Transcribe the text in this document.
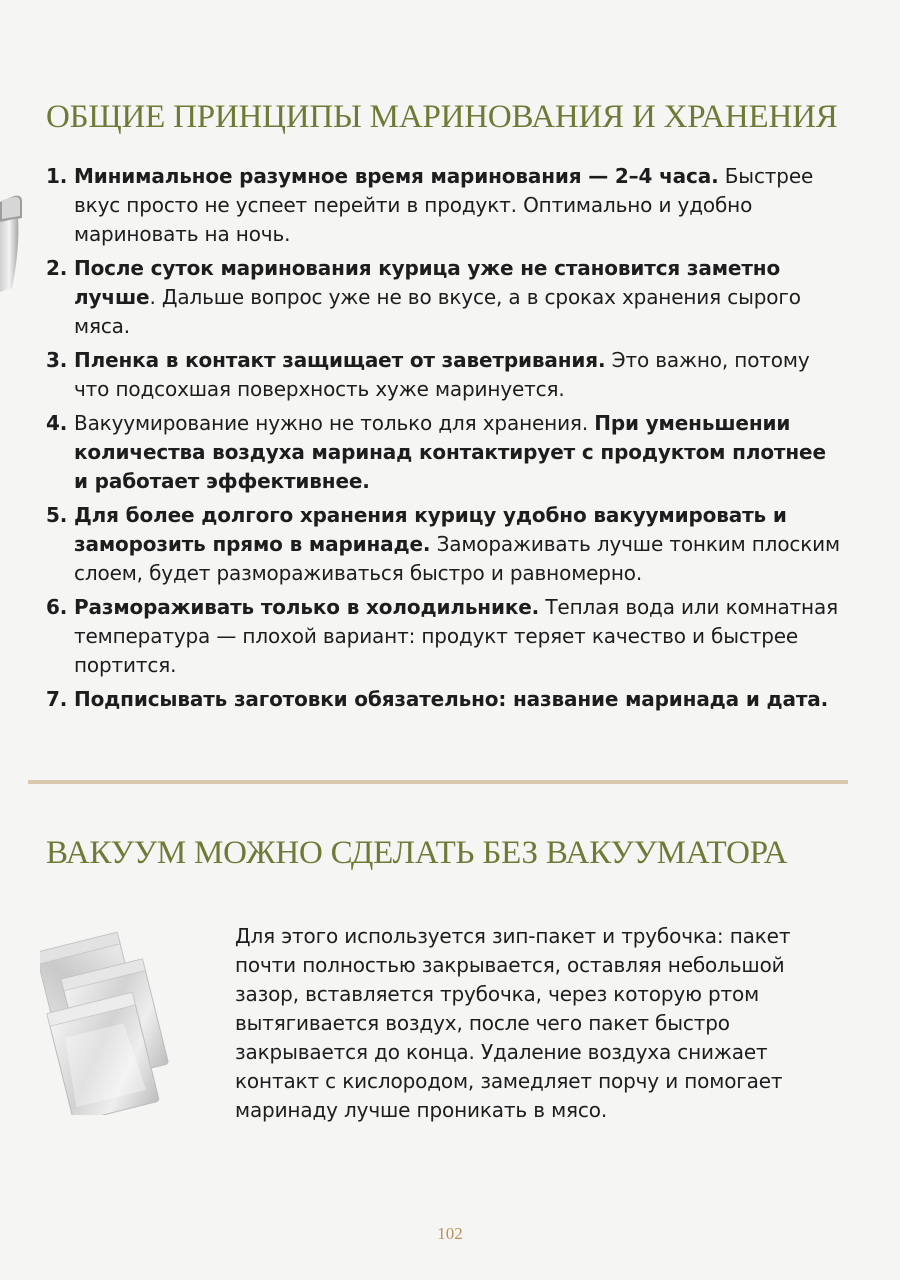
ОБЩИЕ ПРИНЦИПЫ МАРИНОВАНИЯ И ХРАНЕНИЯ
1. Минимальное разумное время маринования — 2–4 часа. Быстрее вкус просто не успеет перейти в продукт. Оптимально и удобно мариновать на ночь.
2. После суток маринования курица уже не становится заметно лучше. Дальше вопрос уже не во вкусе, а в сроках хранения сырого мяса.
3. Пленка в контакт защищает от заветривания. Это важно, потому что подсохшая поверхность хуже маринуется.
4. Вакуумирование нужно не только для хранения. При уменьшении количества воздуха маринад контактирует с продуктом плотнее и работает эффективнее.
5. Для более долгого хранения курицу удобно вакуумировать и заморозить прямо в маринаде. Замораживать лучше тонким плоским слоем, будет размораживаться быстро и равномерно.
6. Размораживать только в холодильнике. Теплая вода или комнатная температура — плохой вариант: продукт теряет качество и быстрее портится.
7. Подписывать заготовки обязательно: название маринада и дата.
ВАКУУМ МОЖНО СДЕЛАТЬ БЕЗ ВАКУУМАТОРА

Для этого используется зип-пакет и трубочка: пакет почти полностью закрывается, оставляя небольшой зазор, вставляется трубочка, через которую ртом вытягивается воздух, после чего пакет быстро закрывается до конца. Удаление воздуха снижает контакт с кислородом, замедляет порчу и помогает маринаду лучше проникать в мясо.

102
